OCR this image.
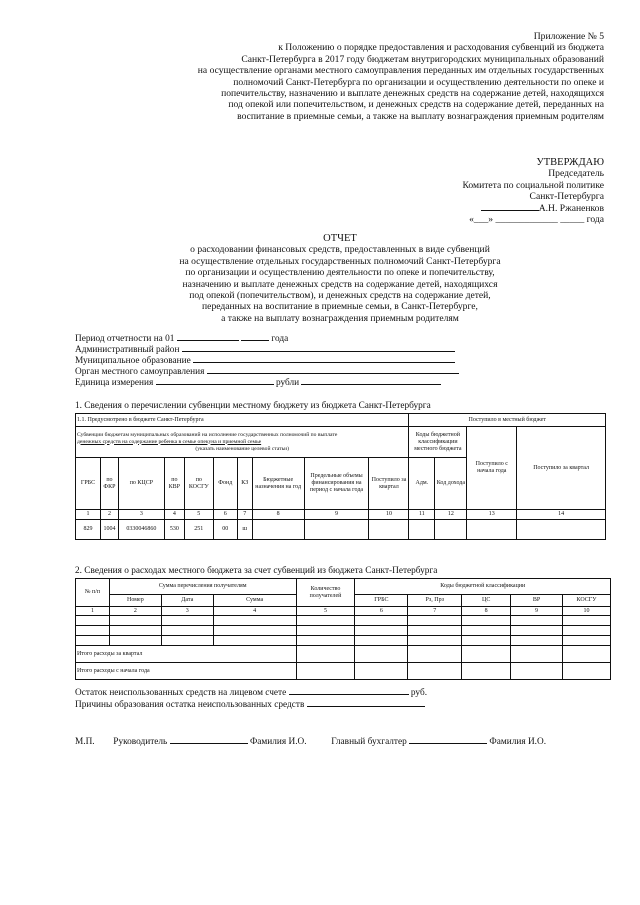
Приложение № 5
к Положению о порядке предоставления и расходования субвенций из бюджета
Санкт-Петербурга в 2017 году бюджетам внутригородских муниципальных образований
на осуществление органами местного самоуправления переданных им отдельных государственных
полномочий Санкт-Петербурга по организации и осуществлению деятельности по опеке и
попечительству, назначению и выплате денежных средств на содержание детей, находящихся
под опекой или попечительством, и денежных средств на содержание детей, переданных на
воспитание в приемные семьи, а также на выплату вознаграждения приемным родителям
УТВЕРЖДАЮ
Председатель
Комитета по социальной политике
Санкт-Петербурга
А.Н. Ржаненков
«___» _____________ _____ года
ОТЧЕТ
о расходовании финансовых средств, предоставленных в виде субвенций
на осуществление отдельных государственных полномочий Санкт-Петербурга
по организации и осуществлению деятельности по опеке и попечительству,
назначению и выплате денежных средств на содержание детей, находящихся
под опекой (попечительством), и денежных средств на содержание детей,
переданных на воспитание в приемные семьи, в Санкт-Петербурге,
а также на выплату вознаграждения приемным родителям
Период отчетности на 01	года
Административный район
Муниципальное образование
Орган местного самоуправления
Единица измерения	рубли
1. Сведения о перечислении субвенции местному бюджету из бюджета Санкт-Петербурга
1.1. Предусмотрено в бюджете Санкт-Петербурга										Поступило в местный бюджет			

Субвенции бюджетам муниципальных образований на исполнение государственных полномочий по выплате
денежных средств на содержание ребенка в семье опекуна и приемной семье
(указать наименование целевой статьи)										Коды бюджетной классификации местного бюджета		Поступило с начала года	Поступило за квартал
ГРБС	по ФКР	по КЦСР	по КВР	по КОСГУ	Фонд	КЗ	Бюджетные назначения на год	Предельные объемы финансирования на период с начала года	Поступило за квартал	Адм.	Код дохода		
1	2	3	4	5	6	7	8	9	10	11	12	13	14
829	1004	0330046860	530	251	00	ш							
2. Сведения о расходах местного бюджета за счет субвенций из бюджета Санкт-Петербурга
№ п/п	Сумма перечисления получателям			Количество получателей	Коды бюджетной классификации				
	Номер	Дата	Сумма		ГРБС	Рз, Прз	ЦС	ВР	КОСГУ
1	2	3	4	5	6	7	8	9	10

Итого расходы за квартал									
Итого расходы с начала года									
Остаток неиспользованных средств на лицевом счете	руб.
Причины образования остатка неиспользованных средств
М.П. Руководитель	Фамилия И.О.	Главный бухгалтер	Фамилия И.О.
